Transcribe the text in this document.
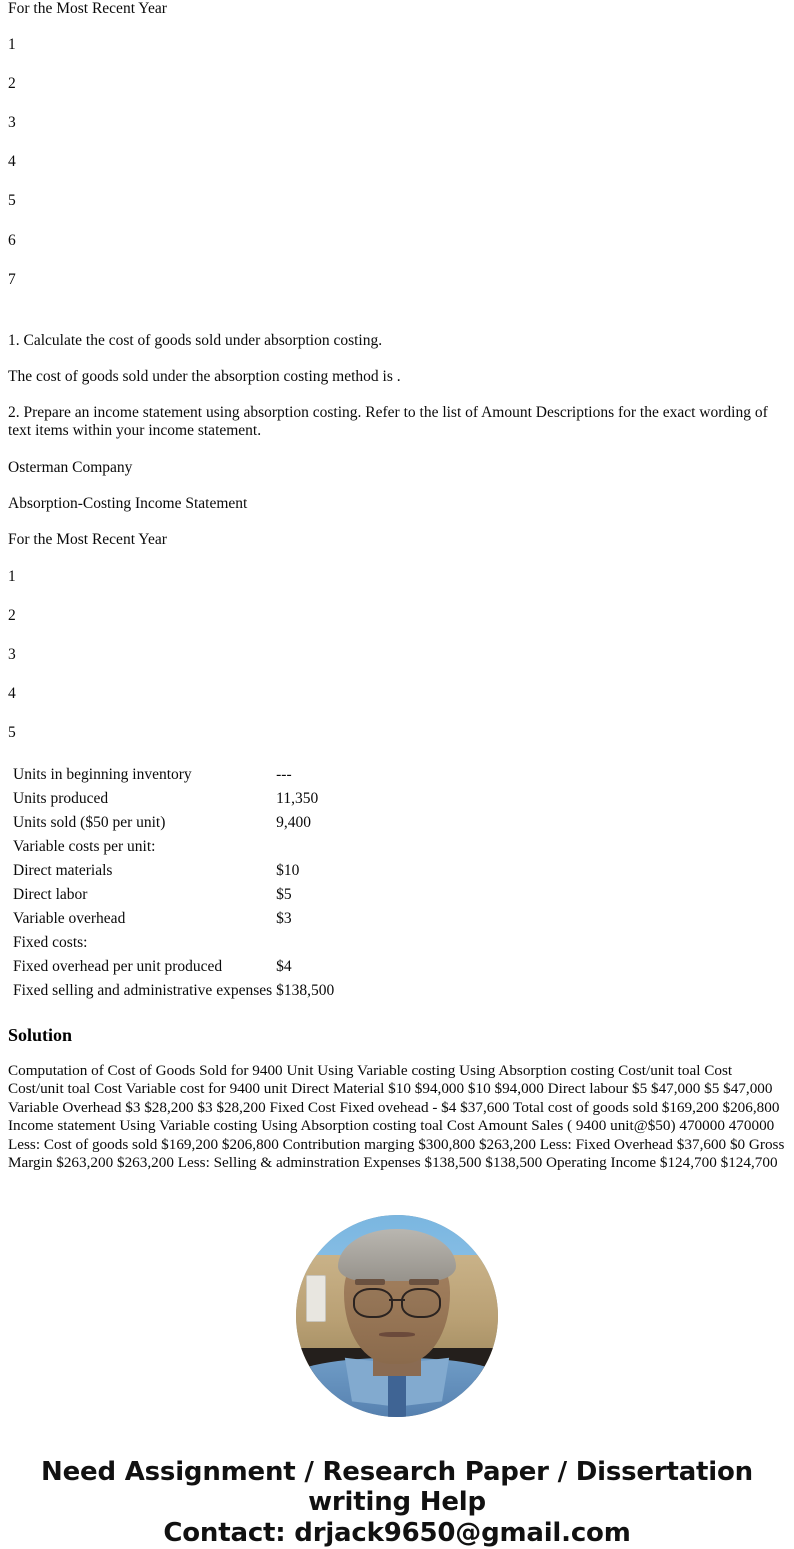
For the Most Recent Year

1
2
3
4
5
6
7

1. Calculate the cost of goods sold under absorption costing.

The cost of goods sold under the absorption costing method is .

2. Prepare an income statement using absorption costing. Refer to the list of Amount Descriptions for the exact wording of text items within your income statement.

Osterman Company

Absorption-Costing Income Statement

For the Most Recent Year

1
2
3
4
5
Units in beginning inventory	---
Units produced	11,350
Units sold ($50 per unit)	9,400
Variable costs per unit:	
Direct materials	$10
Direct labor	$5
Variable overhead	$3
Fixed costs:	
Fixed overhead per unit produced	$4
Fixed selling and administrative expenses	$138,500
Solution

Computation of Cost of Goods Sold for 9400 Unit Using Variable costing Using Absorption costing Cost/unit toal Cost Cost/unit toal Cost Variable cost for 9400 unit Direct Material $10 $94,000 $10 $94,000 Direct labour $5 $47,000 $5 $47,000 Variable Overhead $3 $28,200 $3 $28,200 Fixed Cost Fixed ovehead - $4 $37,600 Total cost of goods sold $169,200 $206,800 Income statement Using Variable costing Using Absorption costing toal Cost Amount Sales ( 9400 unit@$50) 470000 470000 Less: Cost of goods sold $169,200 $206,800 Contribution marging $300,800 $263,200 Less: Fixed Overhead $37,600 $0 Gross Margin $263,200 $263,200 Less: Selling & adminstration Expenses $138,500 $138,500 Operating Income $124,700 $124,700

Need Assignment / Research Paper / Dissertation writing Help
Contact: drjack9650@gmail.com
